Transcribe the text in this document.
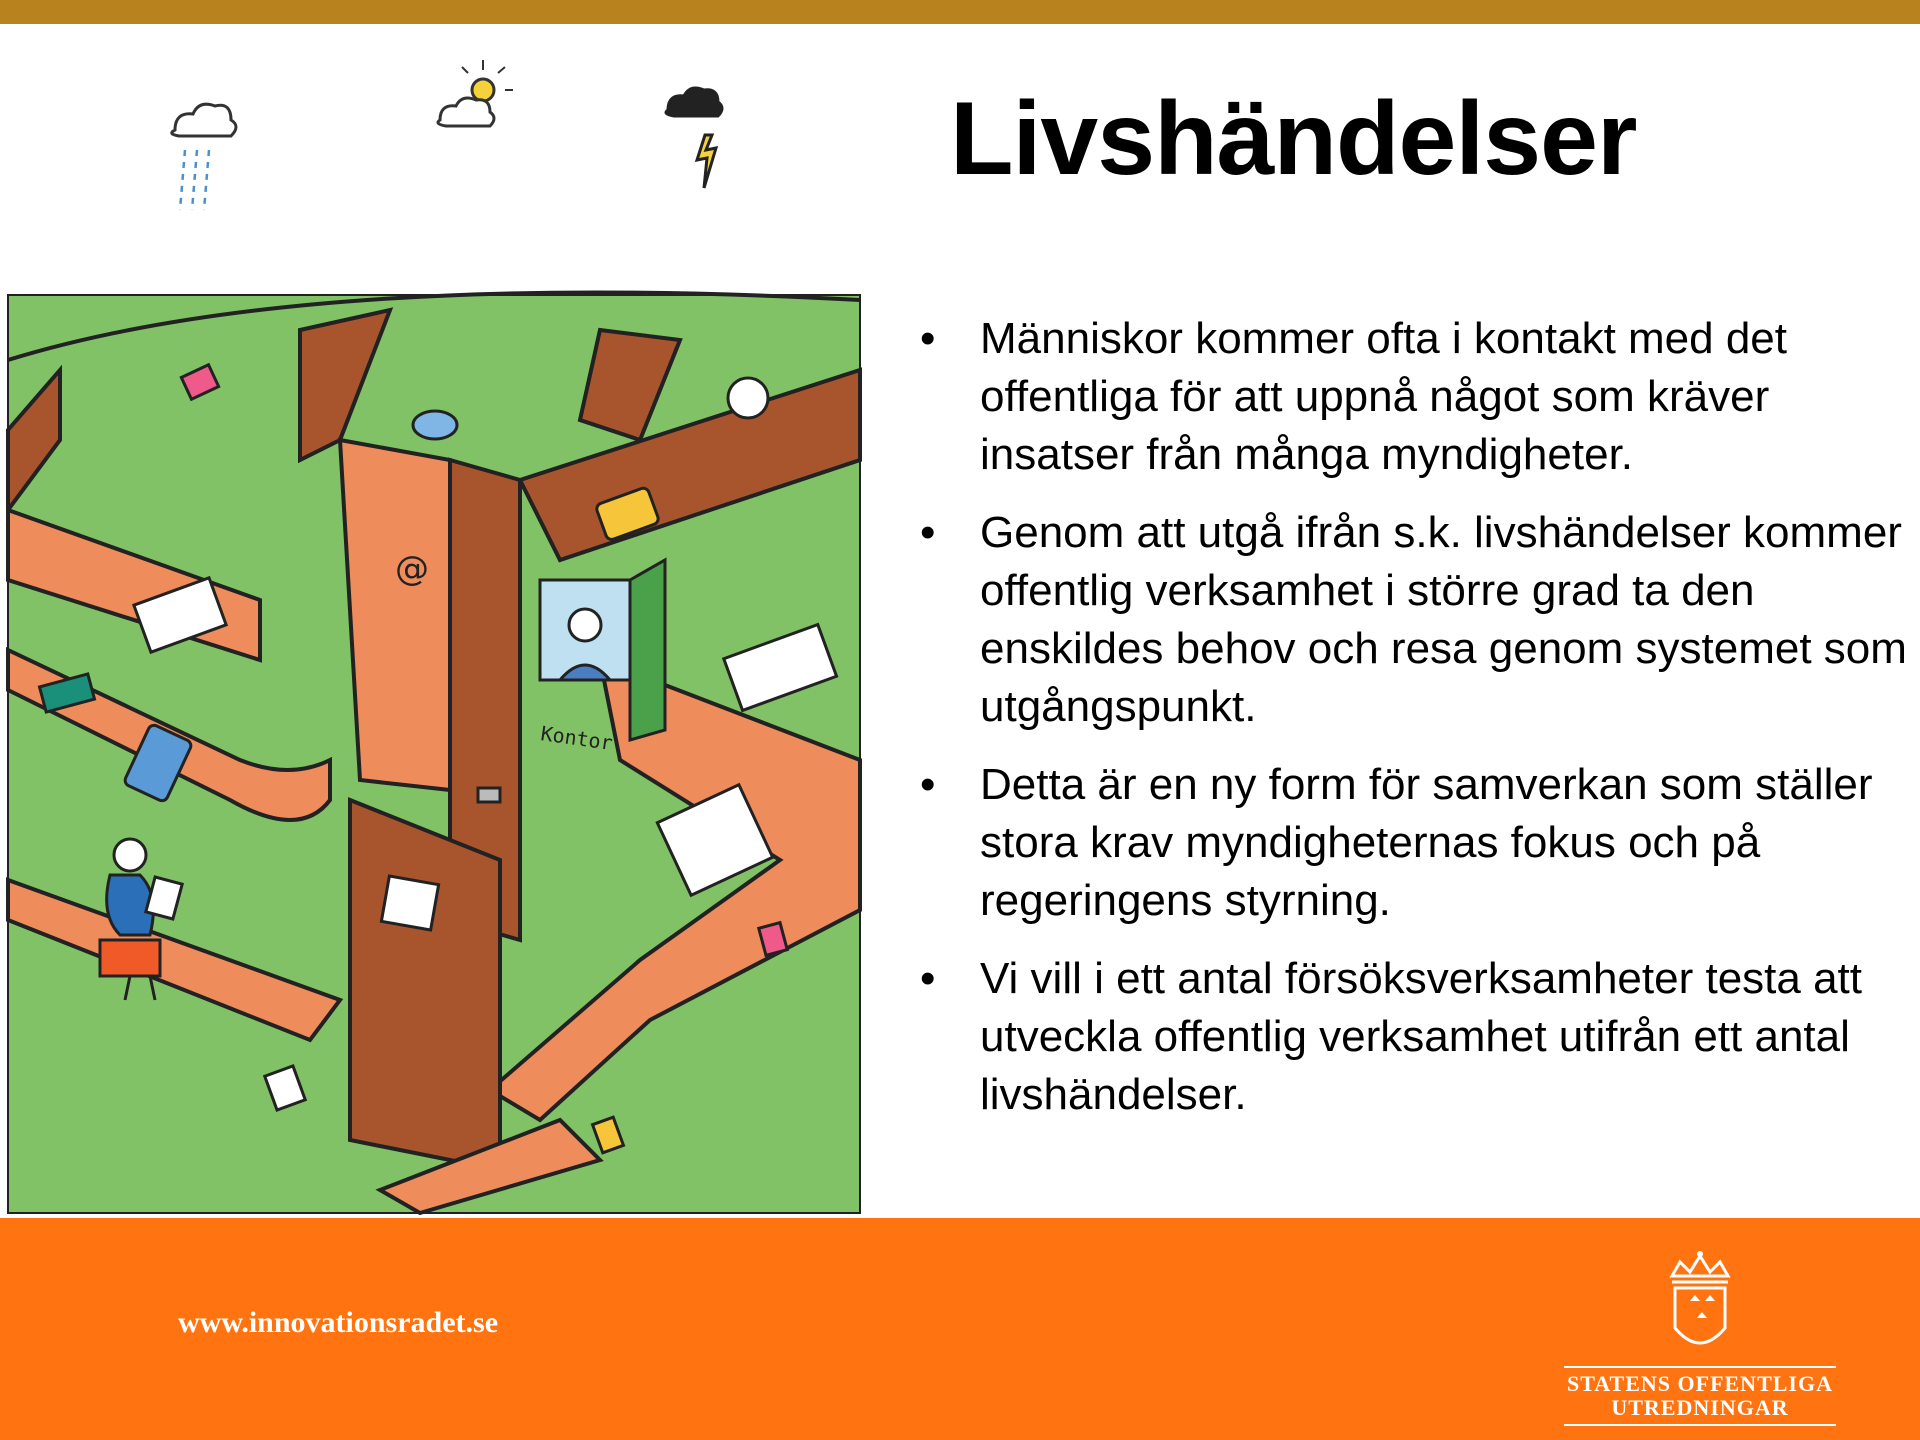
Kontor
@
Livshändelser
• Människor kommer ofta i kontakt med det offentliga för att uppnå något som kräver insatser från många myndigheter.
• Genom att utgå ifrån s.k. livshändelser kommer offentlig verksamhet i större grad ta den enskildes behov och resa genom systemet som utgångspunkt.
• Detta är en ny form för samverkan som ställer stora krav myndigheternas fokus och på regeringens styrning.
• Vi vill i ett antal försöksverksamheter testa att utveckla offentlig verksamhet utifrån ett antal livshändelser.
www.innovationsradet.se
STATENS OFFENTLIGA
UTREDNINGAR
